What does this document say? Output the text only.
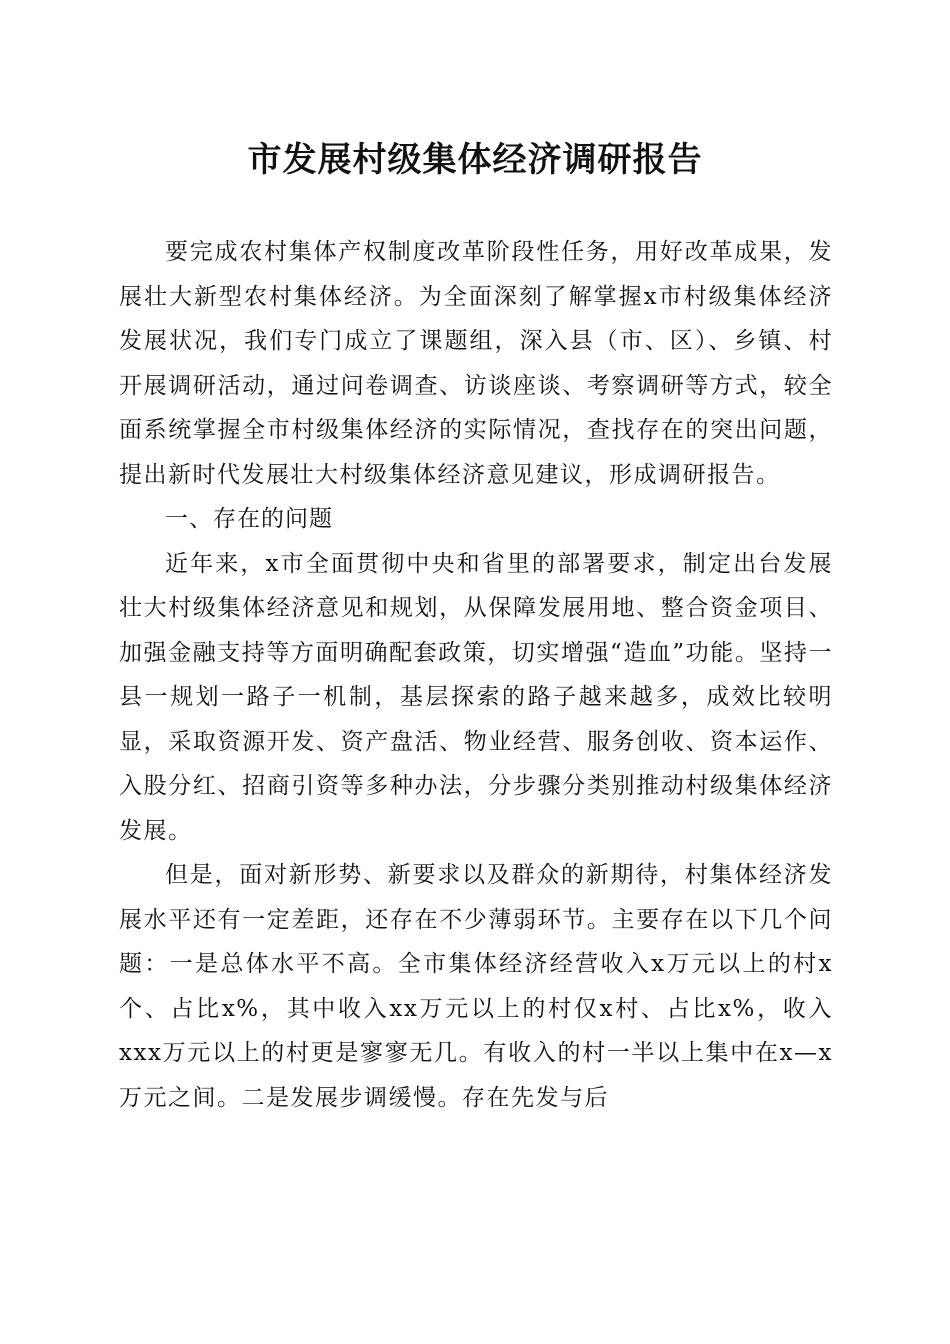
市发展村级集体经济调研报告

要完成农村集体产权制度改革阶段性任务，用好改革成果，发展壮大新型农村集体经济。为全面深刻了解掌握x市村级集体经济发展状况，我们专门成立了课题组，深入县（市、区）、乡镇、村开展调研活动，通过问卷调查、访谈座谈、考察调研等方式，较全面系统掌握全市村级集体经济的实际情况，查找存在的突出问题，提出新时代发展壮大村级集体经济意见建议，形成调研报告。

一、存在的问题

近年来，x市全面贯彻中央和省里的部署要求，制定出台发展壮大村级集体经济意见和规划，从保障发展用地、整合资金项目、加强金融支持等方面明确配套政策，切实增强“造血”功能。坚持一县一规划一路子一机制，基层探索的路子越来越多，成效比较明显，采取资源开发、资产盘活、物业经营、服务创收、资本运作、入股分红、招商引资等多种办法，分步骤分类别推动村级集体经济发展。

但是，面对新形势、新要求以及群众的新期待，村集体经济发展水平还有一定差距，还存在不少薄弱环节。主要存在以下几个问题：一是总体水平不高。全市集体经济经营收入x万元以上的村x个、占比x%，其中收入xx万元以上的村仅x村、占比x%，收入xxx万元以上的村更是寥寥无几。有收入的村一半以上集中在x—x万元之间。二是发展步调缓慢。存在先发与后
